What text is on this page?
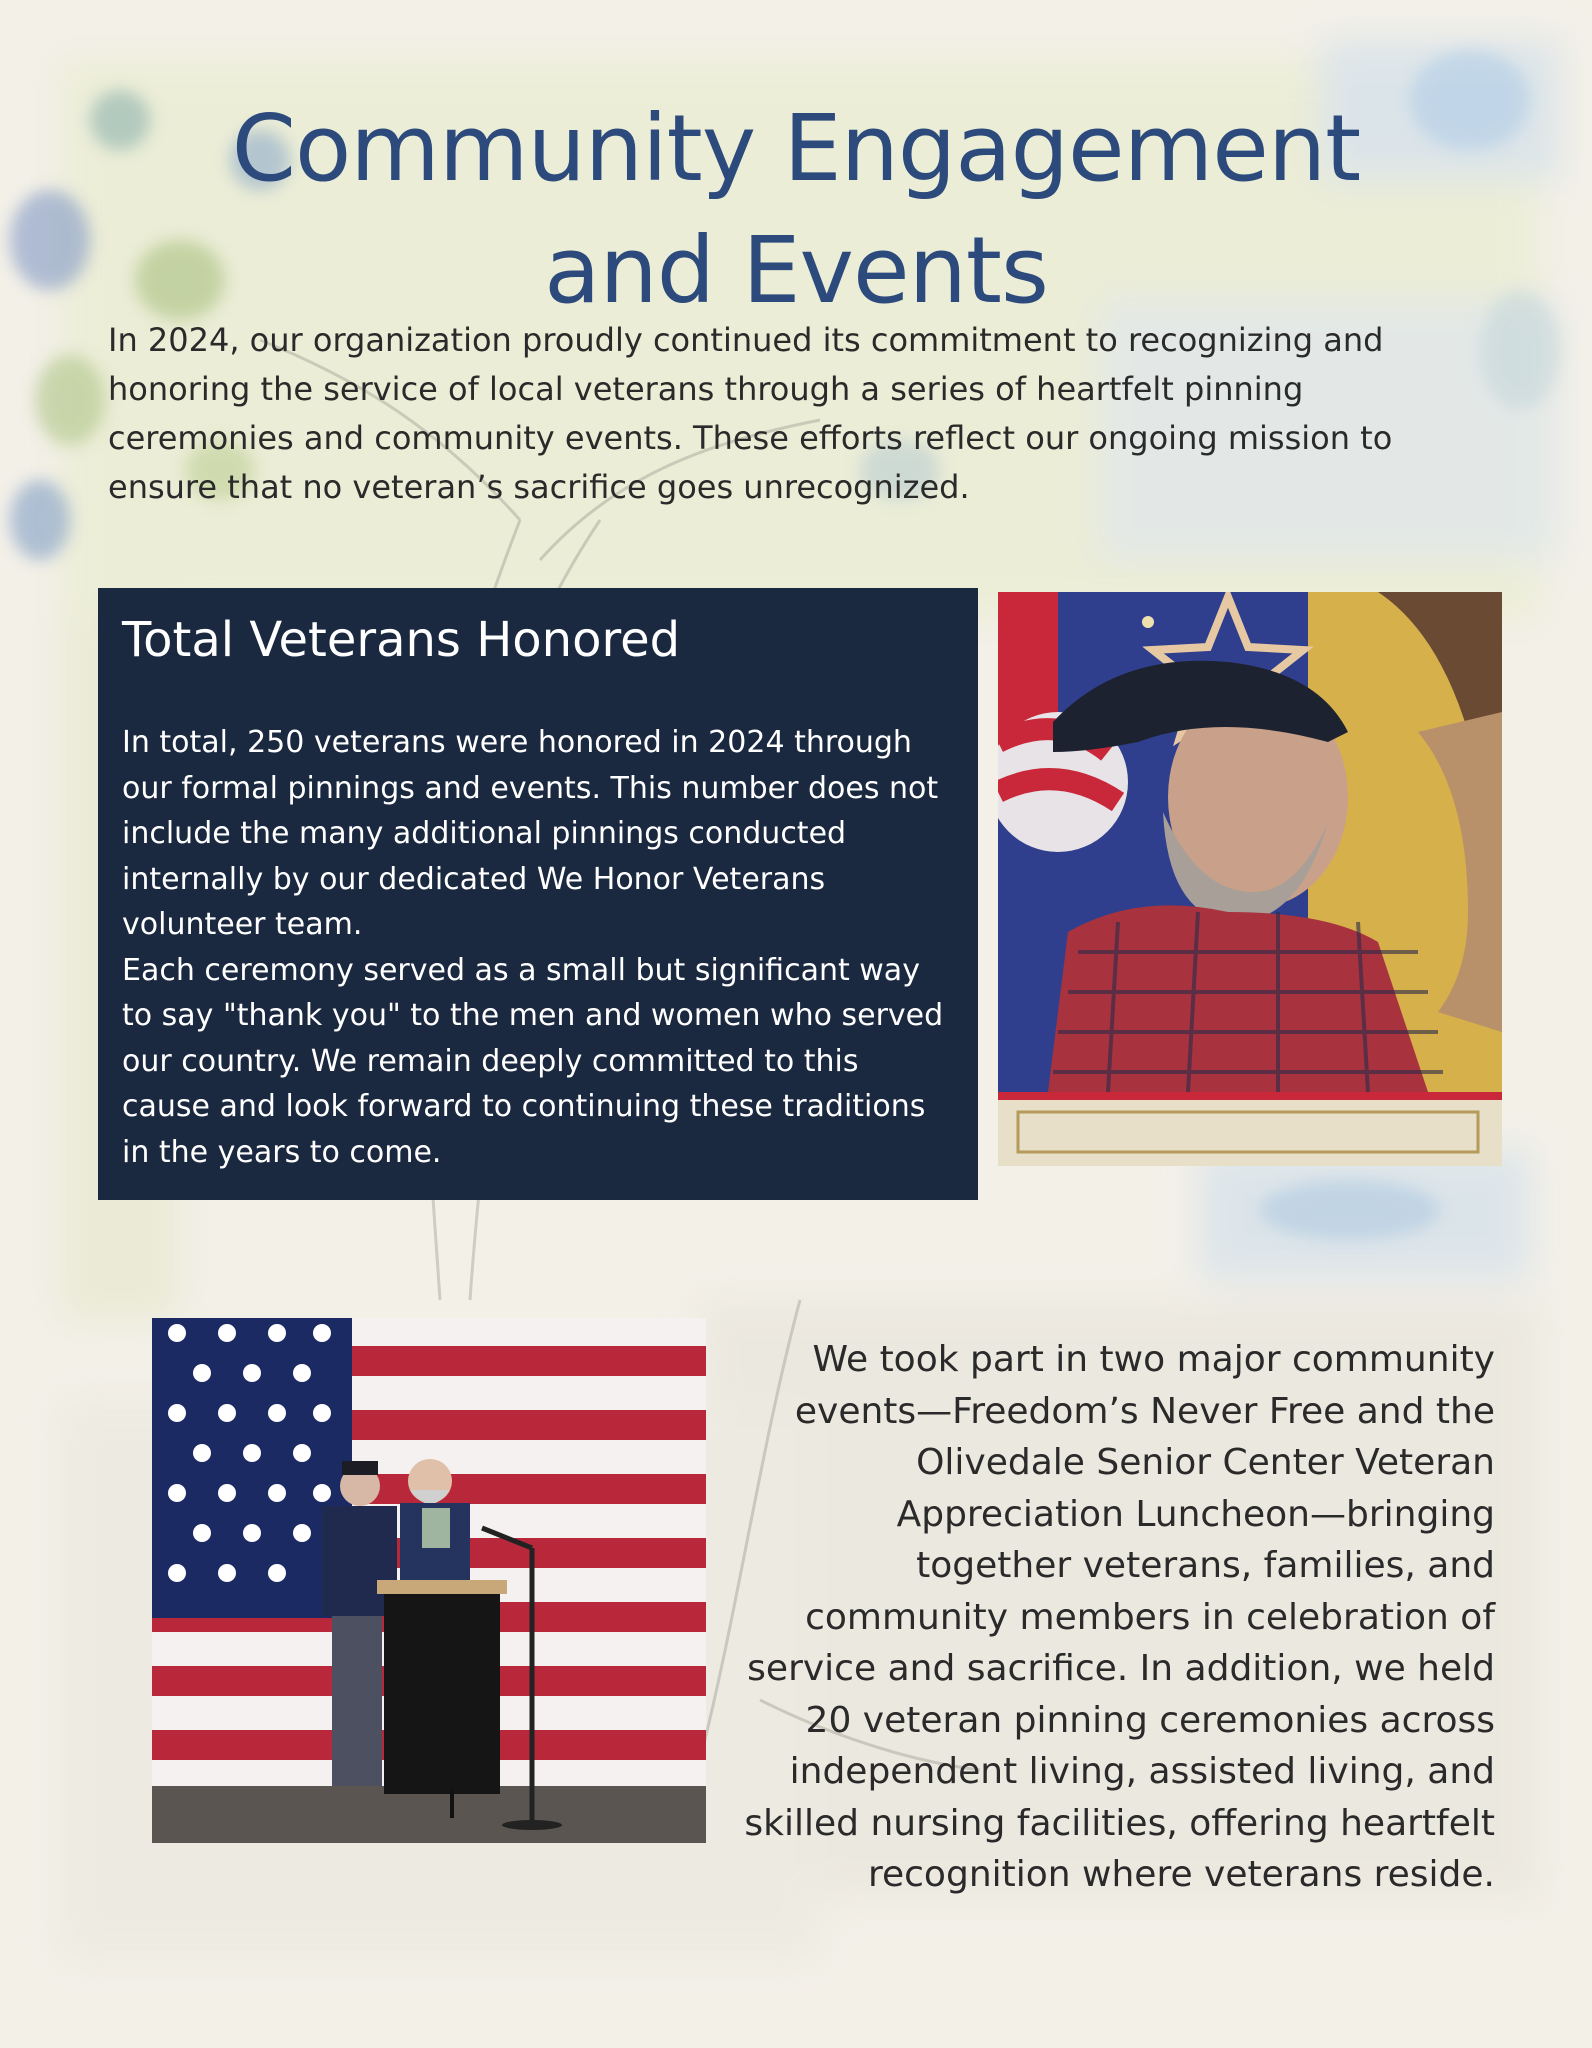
Community Engagement
and Events

In 2024, our organization proudly continued its commitment to recognizing and honoring the service of local veterans through a series of heartfelt pinning ceremonies and community events. These efforts reflect our ongoing mission to ensure that no veteran’s sacrifice goes unrecognized.

Total Veterans Honored

In total, 250 veterans were honored in 2024 through our formal pinnings and events. This number does not include the many additional pinnings conducted internally by our dedicated We Honor Veterans volunteer team.

Each ceremony served as a small but significant way to say "thank you" to the men and women who served our country. We remain deeply committed to this cause and look forward to continuing these traditions in the years to come.

We took part in two major community events—Freedom’s Never Free and the Olivedale Senior Center Veteran Appreciation Luncheon—bringing together veterans, families, and community members in celebration of service and sacrifice. In addition, we held 20 veteran pinning ceremonies across independent living, assisted living, and skilled nursing facilities, offering heartfelt recognition where veterans reside.
